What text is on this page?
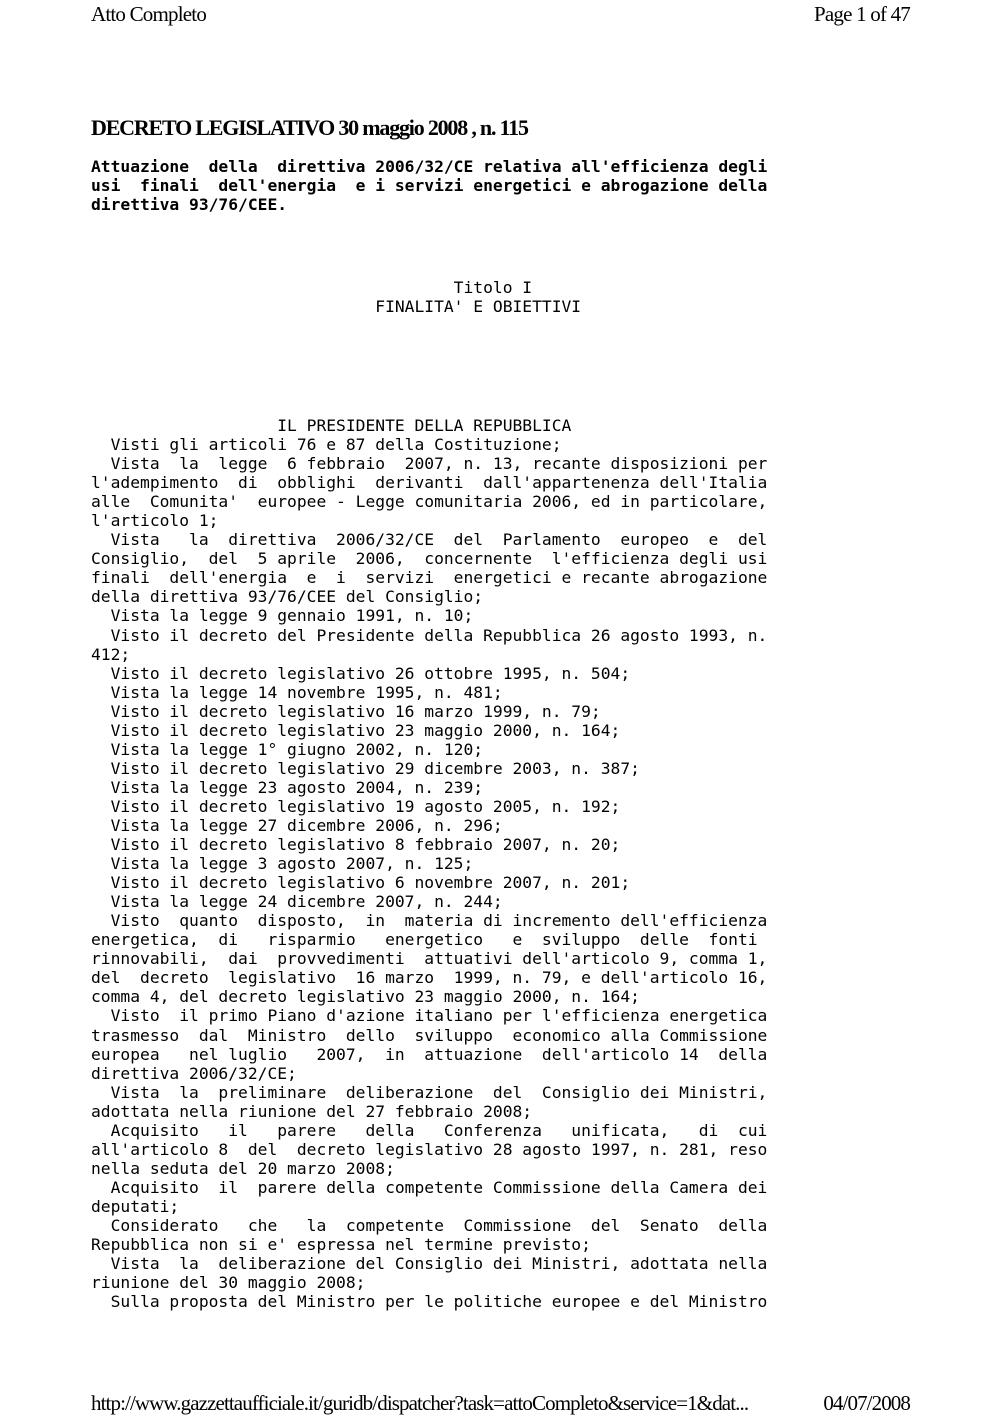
Atto Completo	Page 1 of 47
DECRETO LEGISLATIVO 30 maggio 2008 , n. 115
Attuazione  della  direttiva 2006/32/CE relativa all'efficienza degli
usi  finali  dell'energia  e i servizi energetici e abrogazione della
direttiva 93/76/CEE.
Titolo I
FINALITA' E OBIETTIVI
IL PRESIDENTE DELLA REPUBBLICA
Visti gli articoli 76 e 87 della Costituzione;
Vista  la  legge  6 febbraio  2007, n. 13, recante disposizioni per
l'adempimento  di  obblighi  derivanti  dall'appartenenza dell'Italia
alle  Comunita'  europee - Legge comunitaria 2006, ed in particolare,
l'articolo 1;
Vista   la  direttiva  2006/32/CE  del  Parlamento  europeo  e  del
Consiglio,  del  5 aprile  2006,  concernente  l'efficienza degli usi
finali  dell'energia  e  i  servizi  energetici e recante abrogazione
della direttiva 93/76/CEE del Consiglio;
Vista la legge 9 gennaio 1991, n. 10;
Visto il decreto del Presidente della Repubblica 26 agosto 1993, n.
412;
Visto il decreto legislativo 26 ottobre 1995, n. 504;
Vista la legge 14 novembre 1995, n. 481;
Visto il decreto legislativo 16 marzo 1999, n. 79;
Visto il decreto legislativo 23 maggio 2000, n. 164;
Vista la legge 1° giugno 2002, n. 120;
Visto il decreto legislativo 29 dicembre 2003, n. 387;
Vista la legge 23 agosto 2004, n. 239;
Visto il decreto legislativo 19 agosto 2005, n. 192;
Vista la legge 27 dicembre 2006, n. 296;
Visto il decreto legislativo 8 febbraio 2007, n. 20;
Vista la legge 3 agosto 2007, n. 125;
Visto il decreto legislativo 6 novembre 2007, n. 201;
Vista la legge 24 dicembre 2007, n. 244;
Visto  quanto  disposto,  in  materia di incremento dell'efficienza
energetica,  di   risparmio   energetico   e  sviluppo  delle  fonti
rinnovabili,  dai  provvedimenti  attuativi dell'articolo 9, comma 1,
del  decreto  legislativo  16 marzo  1999, n. 79, e dell'articolo 16,
comma 4, del decreto legislativo 23 maggio 2000, n. 164;
Visto  il primo Piano d'azione italiano per l'efficienza energetica
trasmesso  dal  Ministro  dello  sviluppo  economico alla Commissione
europea   nel luglio   2007,  in  attuazione  dell'articolo 14  della
direttiva 2006/32/CE;
Vista  la  preliminare  deliberazione  del  Consiglio dei Ministri,
adottata nella riunione del 27 febbraio 2008;
Acquisito   il   parere   della   Conferenza   unificata,   di  cui
all'articolo 8  del  decreto legislativo 28 agosto 1997, n. 281, reso
nella seduta del 20 marzo 2008;
Acquisito  il  parere della competente Commissione della Camera dei
deputati;
Considerato   che   la  competente  Commissione  del  Senato  della
Repubblica non si e' espressa nel termine previsto;
Vista  la  deliberazione del Consiglio dei Ministri, adottata nella
riunione del 30 maggio 2008;
Sulla proposta del Ministro per le politiche europee e del Ministro
http://www.gazzettaufficiale.it/guridb/dispatcher?task=attoCompleto&service=1&dat...	04/07/2008
